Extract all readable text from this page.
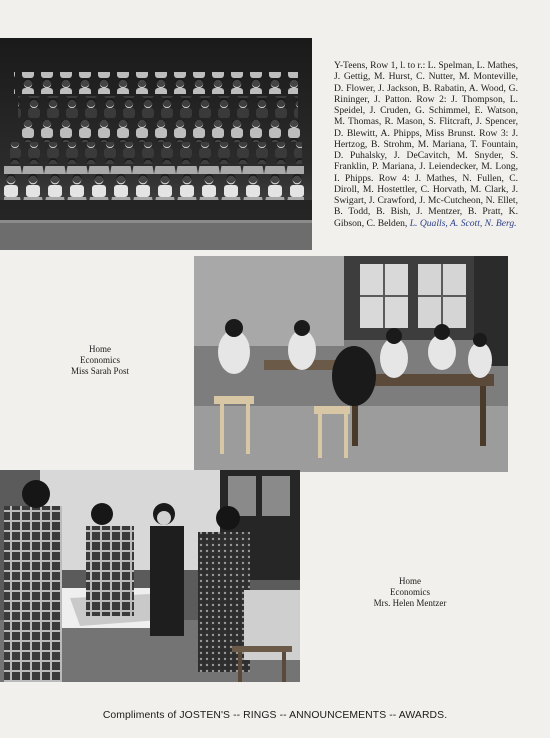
Y-Teens, Row 1, l. to r.: L. Spelman, L. Mathes, J. Gettig, M. Hurst, C. Nutter, M. Monteville, D. Flower, J. Jackson, B. Rabatin, A. Wood, G. Rininger, J. Patton. Row 2: J. Thompson, L. Speidel, J. Cruden, G. Schimmel, E. Watson, M. Thomas, R. Mason, S. Flitcraft, J. Spencer, D. Blewitt, A. Phipps, Miss Brunst. Row 3: J. Hertzog, B. Strohm, M. Mariana, T. Fountain, D. Puhalsky, J. DeCavitch, M. Snyder, S. Franklin, P. Mariana, J. Leiendecker, M. Long, I. Phipps. Row 4: J. Mathes, N. Fullen, C. Diroll, M. Hostettler, C. Horvath, M. Clark, J. Swigart, J. Crawford, J. Mc-Cutcheon, N. Ellet, B. Todd, B. Bish, J. Mentzer, B. Pratt, K. Gibson, C. Belden, L. Qualls, A. Scott, N. Berg.

Home
Economics
Miss Sarah Post
Home
Economics
Mrs. Helen Mentzer
Compliments of JOSTEN'S -- RINGS -- ANNOUNCEMENTS -- AWARDS.
